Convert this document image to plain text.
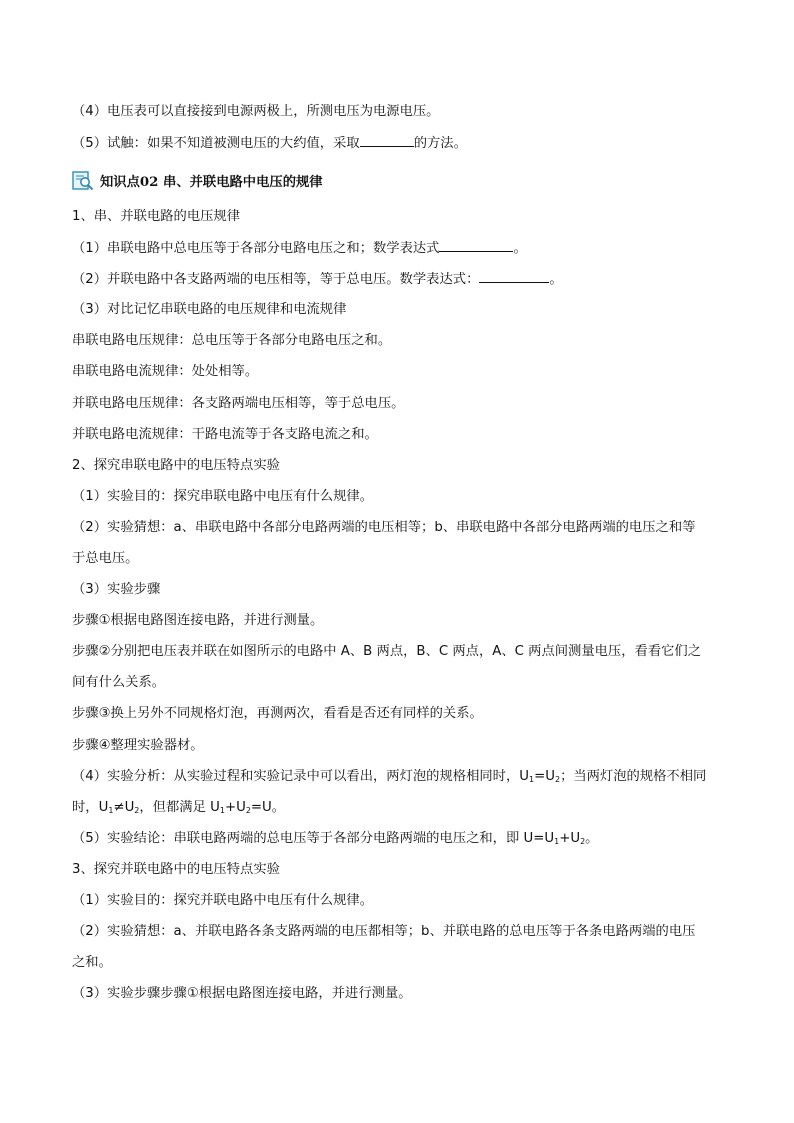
（4）电压表可以直接接到电源两极上，所测电压为电源电压。
（5）试触：如果不知道被测电压的大约值，采取	的方法。
知识点02 串、并联电路中电压的规律
1、串、并联电路的电压规律
（1）串联电路中总电压等于各部分电路电压之和；数学表达式	。
（2）并联电路中各支路两端的电压相等，等于总电压。数学表达式：	。
（3）对比记忆串联电路的电压规律和电流规律
串联电路电压规律：总电压等于各部分电路电压之和。
串联电路电流规律：处处相等。
并联电路电压规律：各支路两端电压相等，等于总电压。
并联电路电流规律：干路电流等于各支路电流之和。
2、探究串联电路中的电压特点实验
（1）实验目的：探究串联电路中电压有什么规律。
（2）实验猜想：a、串联电路中各部分电路两端的电压相等；b、串联电路中各部分电路两端的电压之和等
于总电压。
（3）实验步骤
步骤①根据电路图连接电路，并进行测量。
步骤②分别把电压表并联在如图所示的电路中 A、B 两点，B、C 两点，A、C 两点间测量电压，看看它们之
间有什么关系。
步骤③换上另外不同规格灯泡，再测两次，看看是否还有同样的关系。
步骤④整理实验器材。
（4）实验分析：从实验过程和实验记录中可以看出，两灯泡的规格相同时，$U_1=U_2$；当两灯泡的规格不相同
时，$U_1\ne U_2$，但都满足 $U_1+U_2=U$。
（5）实验结论：串联电路两端的总电压等于各部分电路两端的电压之和，即 $U=U_1+U_2$。
3、探究并联电路中的电压特点实验
（1）实验目的：探究并联电路中电压有什么规律。
（2）实验猜想：a、并联电路各条支路两端的电压都相等；b、并联电路的总电压等于各条电路两端的电压
之和。
（3）实验步骤步骤①根据电路图连接电路，并进行测量。
